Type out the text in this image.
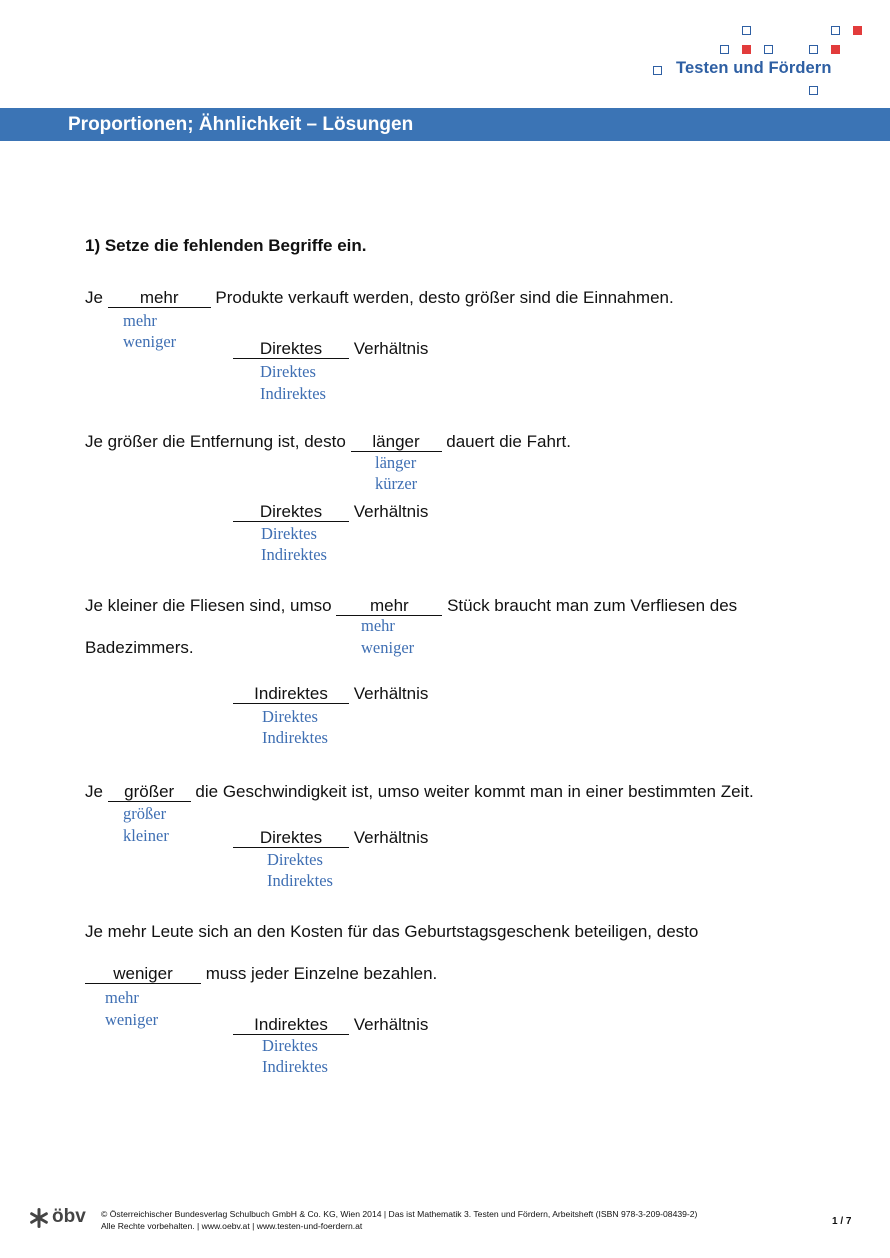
Testen und Fördern
Proportionen; Ähnlichkeit – Lösungen
1) Setze die fehlenden Begriffe ein.
Je mehr Produkte verkauft werden, desto größer sind die Einnahmen.
mehr
weniger	Direktes Verhältnis
Direktes
Indirektes
Je größer die Entfernung ist, desto länger dauert die Fahrt.
länger
kürzer
Direktes Verhältnis
Direktes
Indirektes
Je kleiner die Fliesen sind, umso mehr Stück braucht man zum Verfliesen des
mehr
Badezimmers.	weniger
Indirektes Verhältnis
Direktes
Indirektes
Je größer die Geschwindigkeit ist, umso weiter kommt man in einer bestimmten Zeit.
größer
kleiner	Direktes Verhältnis
Direktes
Indirektes
Je mehr Leute sich an den Kosten für das Geburtstagsgeschenk beteiligen, desto
weniger muss jeder Einzelne bezahlen.
mehr
weniger	Indirektes Verhältnis
Direktes
Indirektes
öbv © Österreichischer Bundesverlag Schulbuch GmbH & Co. KG, Wien 2014 | Das ist Mathematik 3. Testen und Fördern, Arbeitsheft (ISBN 978-3-209-08439-2)
Alle Rechte vorbehalten. | www.oebv.at | www.testen-und-foerdern.at	1 / 7
